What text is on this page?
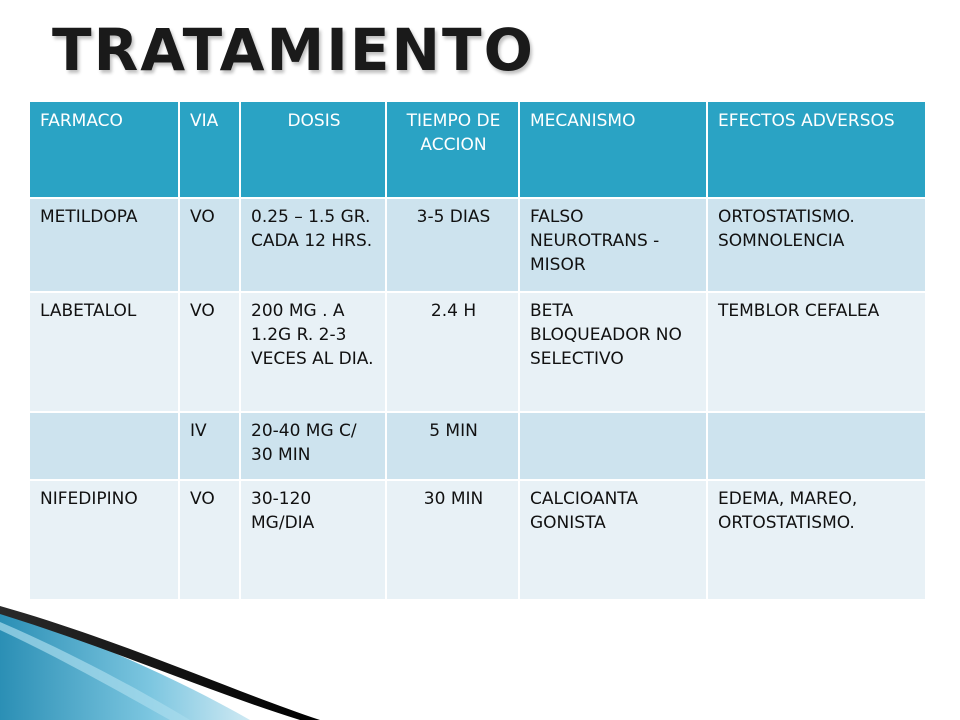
TRATAMIENTO
FARMACO	VIA	DOSIS	TIEMPO DE ACCION	MECANISMO	EFECTOS ADVERSOS
METILDOPA	VO	0.25 – 1.5 GR. CADA 12 HRS.	3-5 DIAS	FALSO NEUROTRANS -MISOR	ORTOSTATISMO. SOMNOLENCIA
LABETALOL	VO	200 MG . A 1.2G R. 2-3 VECES AL DIA.	2.4 H	BETA BLOQUEADOR NO SELECTIVO	TEMBLOR CEFALEA
	IV	20-40 MG C/ 30 MIN	5 MIN		
NIFEDIPINO	VO	30-120 MG/DIA	30 MIN	CALCIOANTA GONISTA	EDEMA, MAREO, ORTOSTATISMO.
